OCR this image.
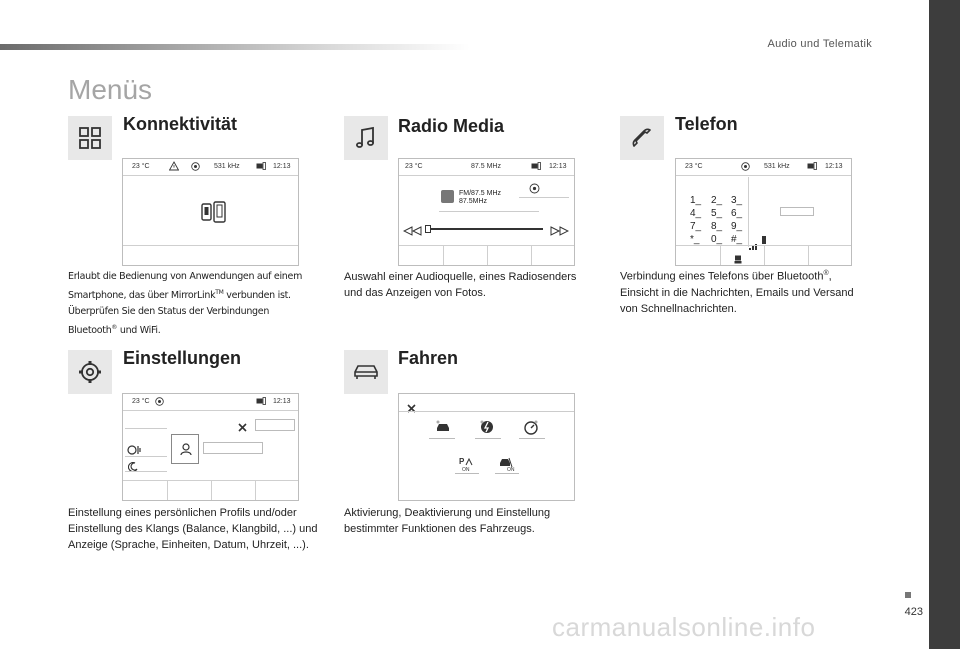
Audio und Telematik
Menüs
Konnektivität
23 °C	531 kHz	12:13
Erlaubt die Bedienung von Anwendungen auf einem Smartphone, das über MirrorLink™ verbunden ist. Überprüfen Sie den Status der Verbindungen Bluetooth® und WiFi.
Radio Media
23 °C	87.5 MHz	12:13
FM/87.5 MHz
87.5MHz
Auswahl einer Audioquelle, eines Radiosenders und das Anzeigen von Fotos.
Telefon
23 °C	531 kHz	12:13
1_ 2_ 3_
4_ 5_ 6_
7_ 8_ 9_
*_ 0_ #_
Verbindung eines Telefons über Bluetooth®, Einsicht in die Nachrichten, Emails und Versand von Schnellnachrichten.
Einstellungen
23 °C	12:13
Einstellung eines persönlichen Profils und/oder Einstellung des Klangs (Balance, Klangbild, ...) und Anzeige (Sprache, Einheiten, Datum, Uhrzeit, ...).
Fahren
P
ON	ON
Aktivierung, Deaktivierung und Einstellung bestimmter Funktionen des Fahrzeugs.
423
carmanualsonline.info
